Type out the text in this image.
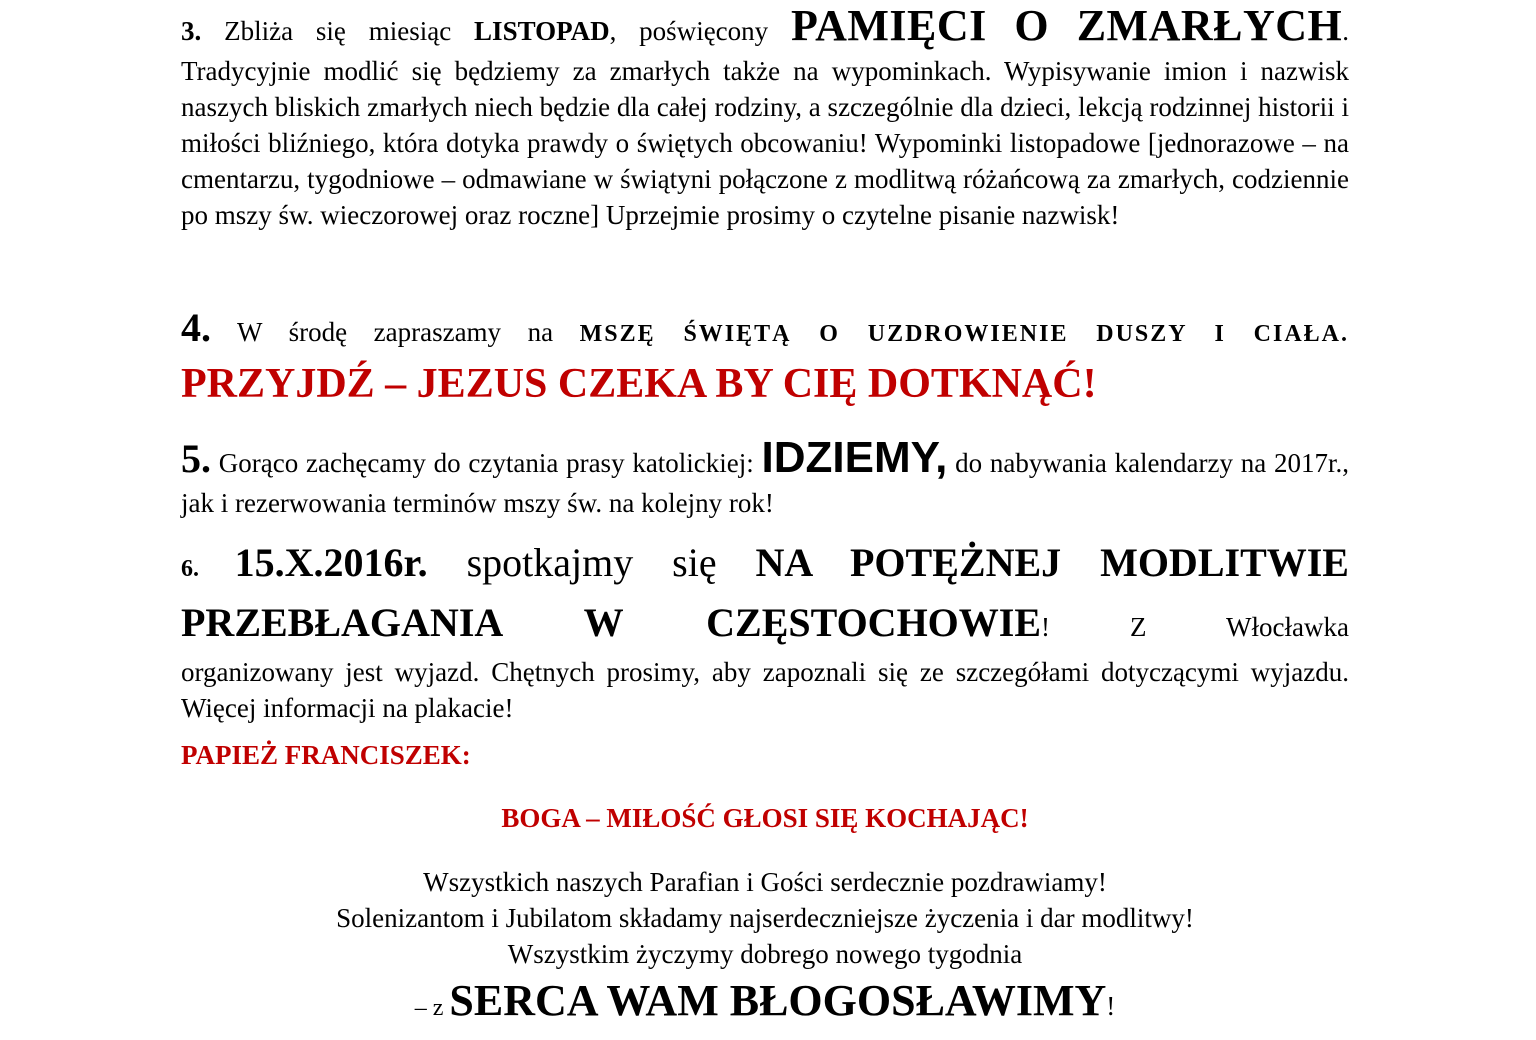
3. Zbliża się miesiąc LISTOPAD, poświęcony PAMIĘCI O ZMARŁYCH.

Tradycyjnie modlić się będziemy za zmarłych także na wypominkach. Wypisywanie imion i nazwisk naszych bliskich zmarłych niech będzie dla całej rodziny, a szczególnie dla dzieci, lekcją rodzinnej historii i miłości bliźniego, która dotyka prawdy o świętych obcowaniu! Wypominki listopadowe [jednorazowe – na cmentarzu, tygodniowe – odmawiane w świątyni połączone z modlitwą różańcową za zmarłych, codziennie po mszy św. wieczorowej oraz roczne] Uprzejmie prosimy o czytelne pisanie nazwisk!

4. W środę zapraszamy na MSZĘ ŚWIĘTĄ O UZDROWIENIE DUSZY I CIAŁA.

PRZYJDŹ – JEZUS CZEKA BY CIĘ DOTKNĄĆ!

5. Gorąco zachęcamy do czytania prasy katolickiej: IDZIEMY, do nabywania kalendarzy na 2017r., jak i rezerwowania terminów mszy św. na kolejny rok!

6. 15.X.2016r. spotkajmy się NA POTĘŻNEJ MODLITWIE

PRZEBŁAGANIA W CZĘSTOCHOWIE! Z Włocławka

organizowany jest wyjazd. Chętnych prosimy, aby zapoznali się ze szczegółami dotyczącymi wyjazdu. Więcej informacji na plakacie!

PAPIEŻ FRANCISZEK:
BOGA – MIŁOŚĆ GŁOSI SIĘ KOCHAJĄC!
Wszystkich naszych Parafian i Gości serdecznie pozdrawiamy!
Solenizantom i Jubilatom składamy najserdeczniejsze życzenia i dar modlitwy!
Wszystkim życzymy dobrego nowego tygodnia
– z SERCA WAM BŁOGOSŁAWIMY!
